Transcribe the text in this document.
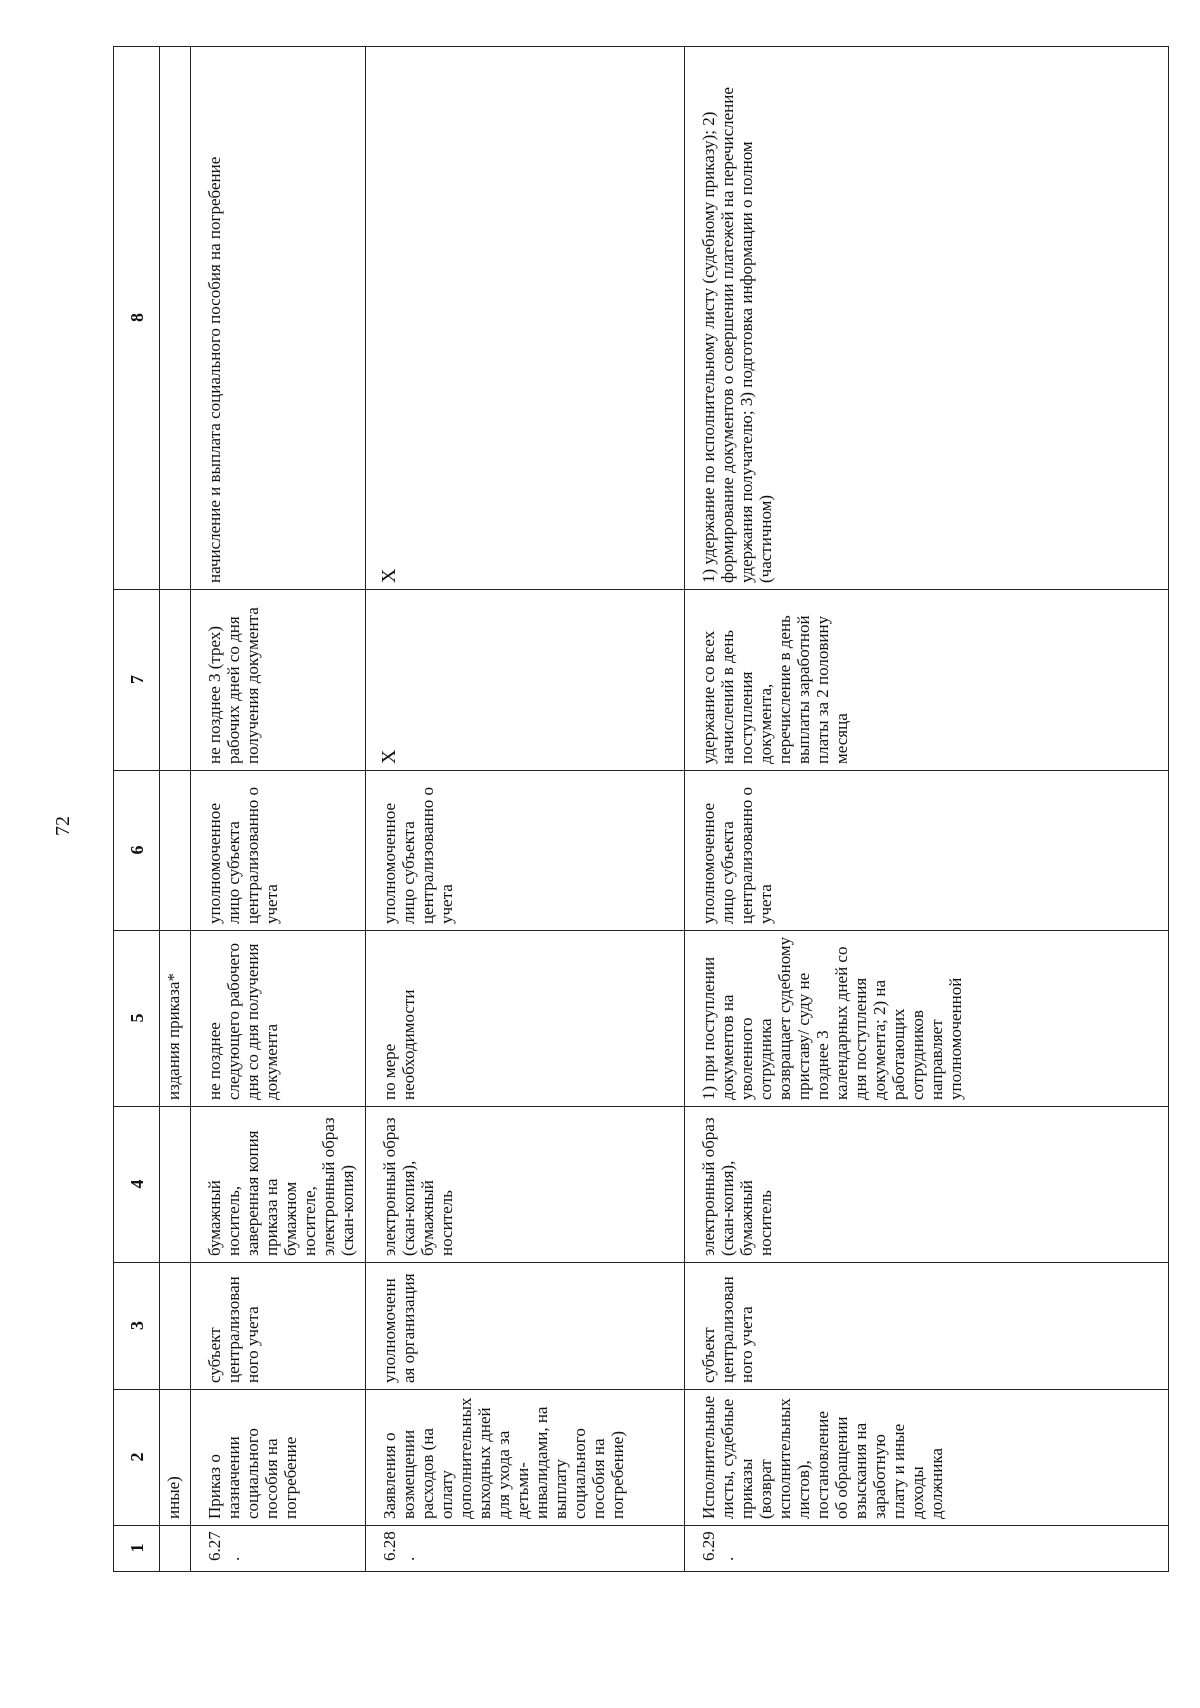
72
1	2	3	4	5	6	7	8
	иные)			издания приказа*			
6.27.	Приказ о назначении социального пособия на погребение	субъект централизован ного учета	бумажный носитель, заверенная копия приказа на бумажном носителе, электронный образ (скан-копия)	не позднее следующего рабочего дня со дня получения документа	уполномоченное лицо субъекта централизованно о учета	не позднее 3 (трех) рабочих дней со дня получения документа	начисление и выплата социального пособия на погребение
6.28.	Заявления о возмещении расходов (на оплату дополнительных выходных дней для ухода за детьми-инвалидами, на выплату социального пособия на погребение)	уполномоченн ая организация	электронный образ (скан-копия), бумажный носитель	по мере необходимости	уполномоченное лицо субъекта централизованно о учета	Х	Х
6.29.	Исполнительные листы, судебные приказы (возврат исполнительных листов), постановление об обращении взыскания на заработную плату и иные доходы должника	субъект централизован ного учета	электронный образ (скан-копия), бумажный носитель	1) при поступлении документов на уволенного сотрудника возвращает судебному приставу/ суду не позднее 3 календарных дней со дня поступления документа; 2) на работающих сотрудников направляет уполномоченной	уполномоченное лицо субъекта централизованно о учета	удержание со всех начислений в день поступления документа, перечисление в день выплаты заработной платы за 2 половину месяца	1) удержание по исполнительному листу (судебному приказу); 2) формирование документов о совершении платежей на перечисление удержания получателю; 3) подготовка информации о полном (частичном)
